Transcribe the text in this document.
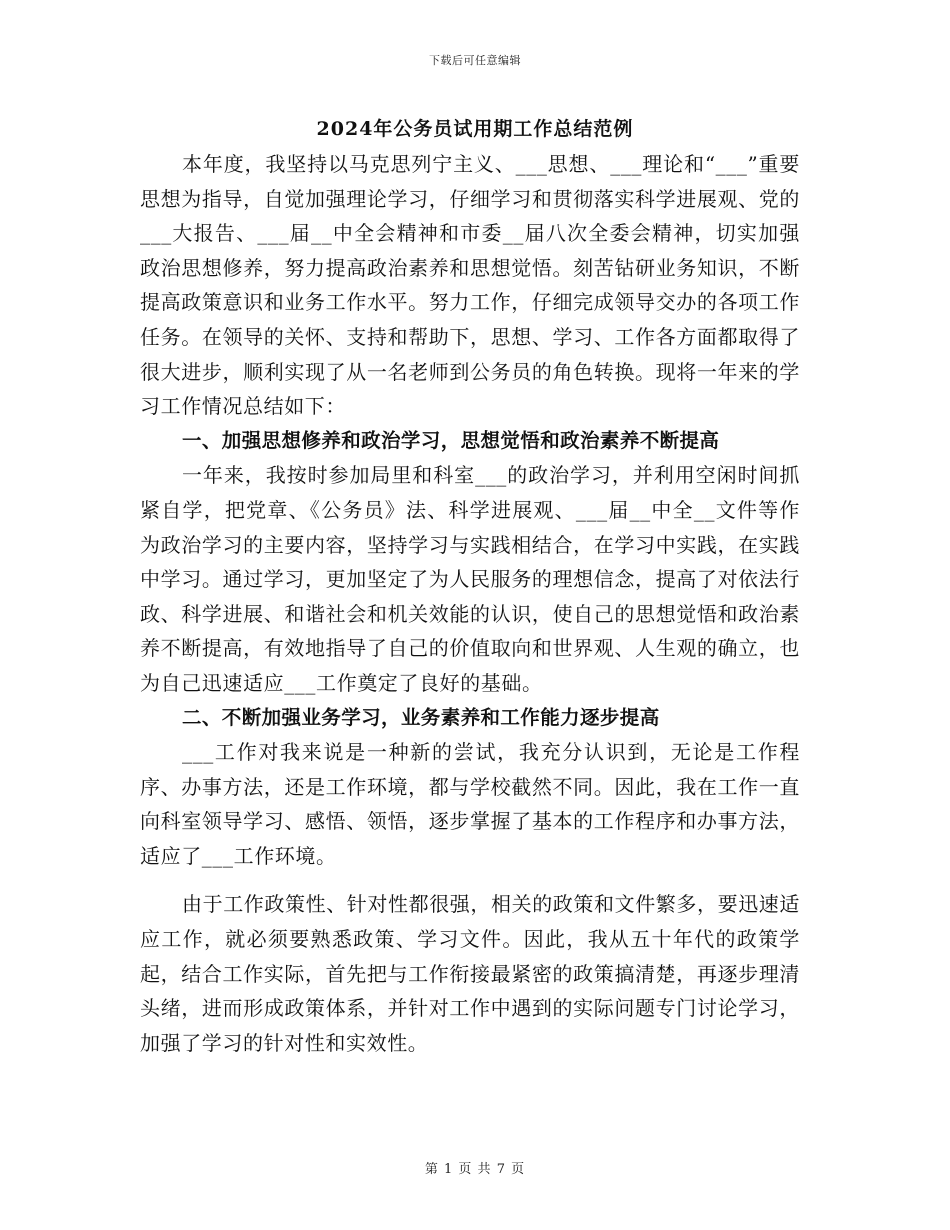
下载后可任意编辑
2024年公务员试用期工作总结范例

本年度，我坚持以马克思列宁主义、___思想、___理论和“___”重要思想为指导，自觉加强理论学习，仔细学习和贯彻落实科学进展观、党的___大报告、___届__中全会精神和市委__届八次全委会精神，切实加强政治思想修养，努力提高政治素养和思想觉悟。刻苦钻研业务知识，不断提高政策意识和业务工作水平。努力工作，仔细完成领导交办的各项工作任务。在领导的关怀、支持和帮助下，思想、学习、工作各方面都取得了很大进步，顺利实现了从一名老师到公务员的角色转换。现将一年来的学习工作情况总结如下：

一、加强思想修养和政治学习，思想觉悟和政治素养不断提高

一年来，我按时参加局里和科室___的政治学习，并利用空闲时间抓紧自学，把党章、《公务员》法、科学进展观、___届__中全__文件等作为政治学习的主要内容，坚持学习与实践相结合，在学习中实践，在实践中学习。通过学习，更加坚定了为人民服务的理想信念，提高了对依法行政、科学进展、和谐社会和机关效能的认识，使自己的思想觉悟和政治素养不断提高，有效地指导了自己的价值取向和世界观、人生观的确立，也为自己迅速适应___工作奠定了良好的基础。

二、不断加强业务学习，业务素养和工作能力逐步提高

___工作对我来说是一种新的尝试，我充分认识到，无论是工作程序、办事方法，还是工作环境，都与学校截然不同。因此，我在工作一直向科室领导学习、感悟、领悟，逐步掌握了基本的工作程序和办事方法，适应了___工作环境。

由于工作政策性、针对性都很强，相关的政策和文件繁多，要迅速适应工作，就必须要熟悉政策、学习文件。因此，我从五十年代的政策学起，结合工作实际，首先把与工作衔接最紧密的政策搞清楚，再逐步理清头绪，进而形成政策体系，并针对工作中遇到的实际问题专门讨论学习，加强了学习的针对性和实效性。

第 1 页 共 7 页
